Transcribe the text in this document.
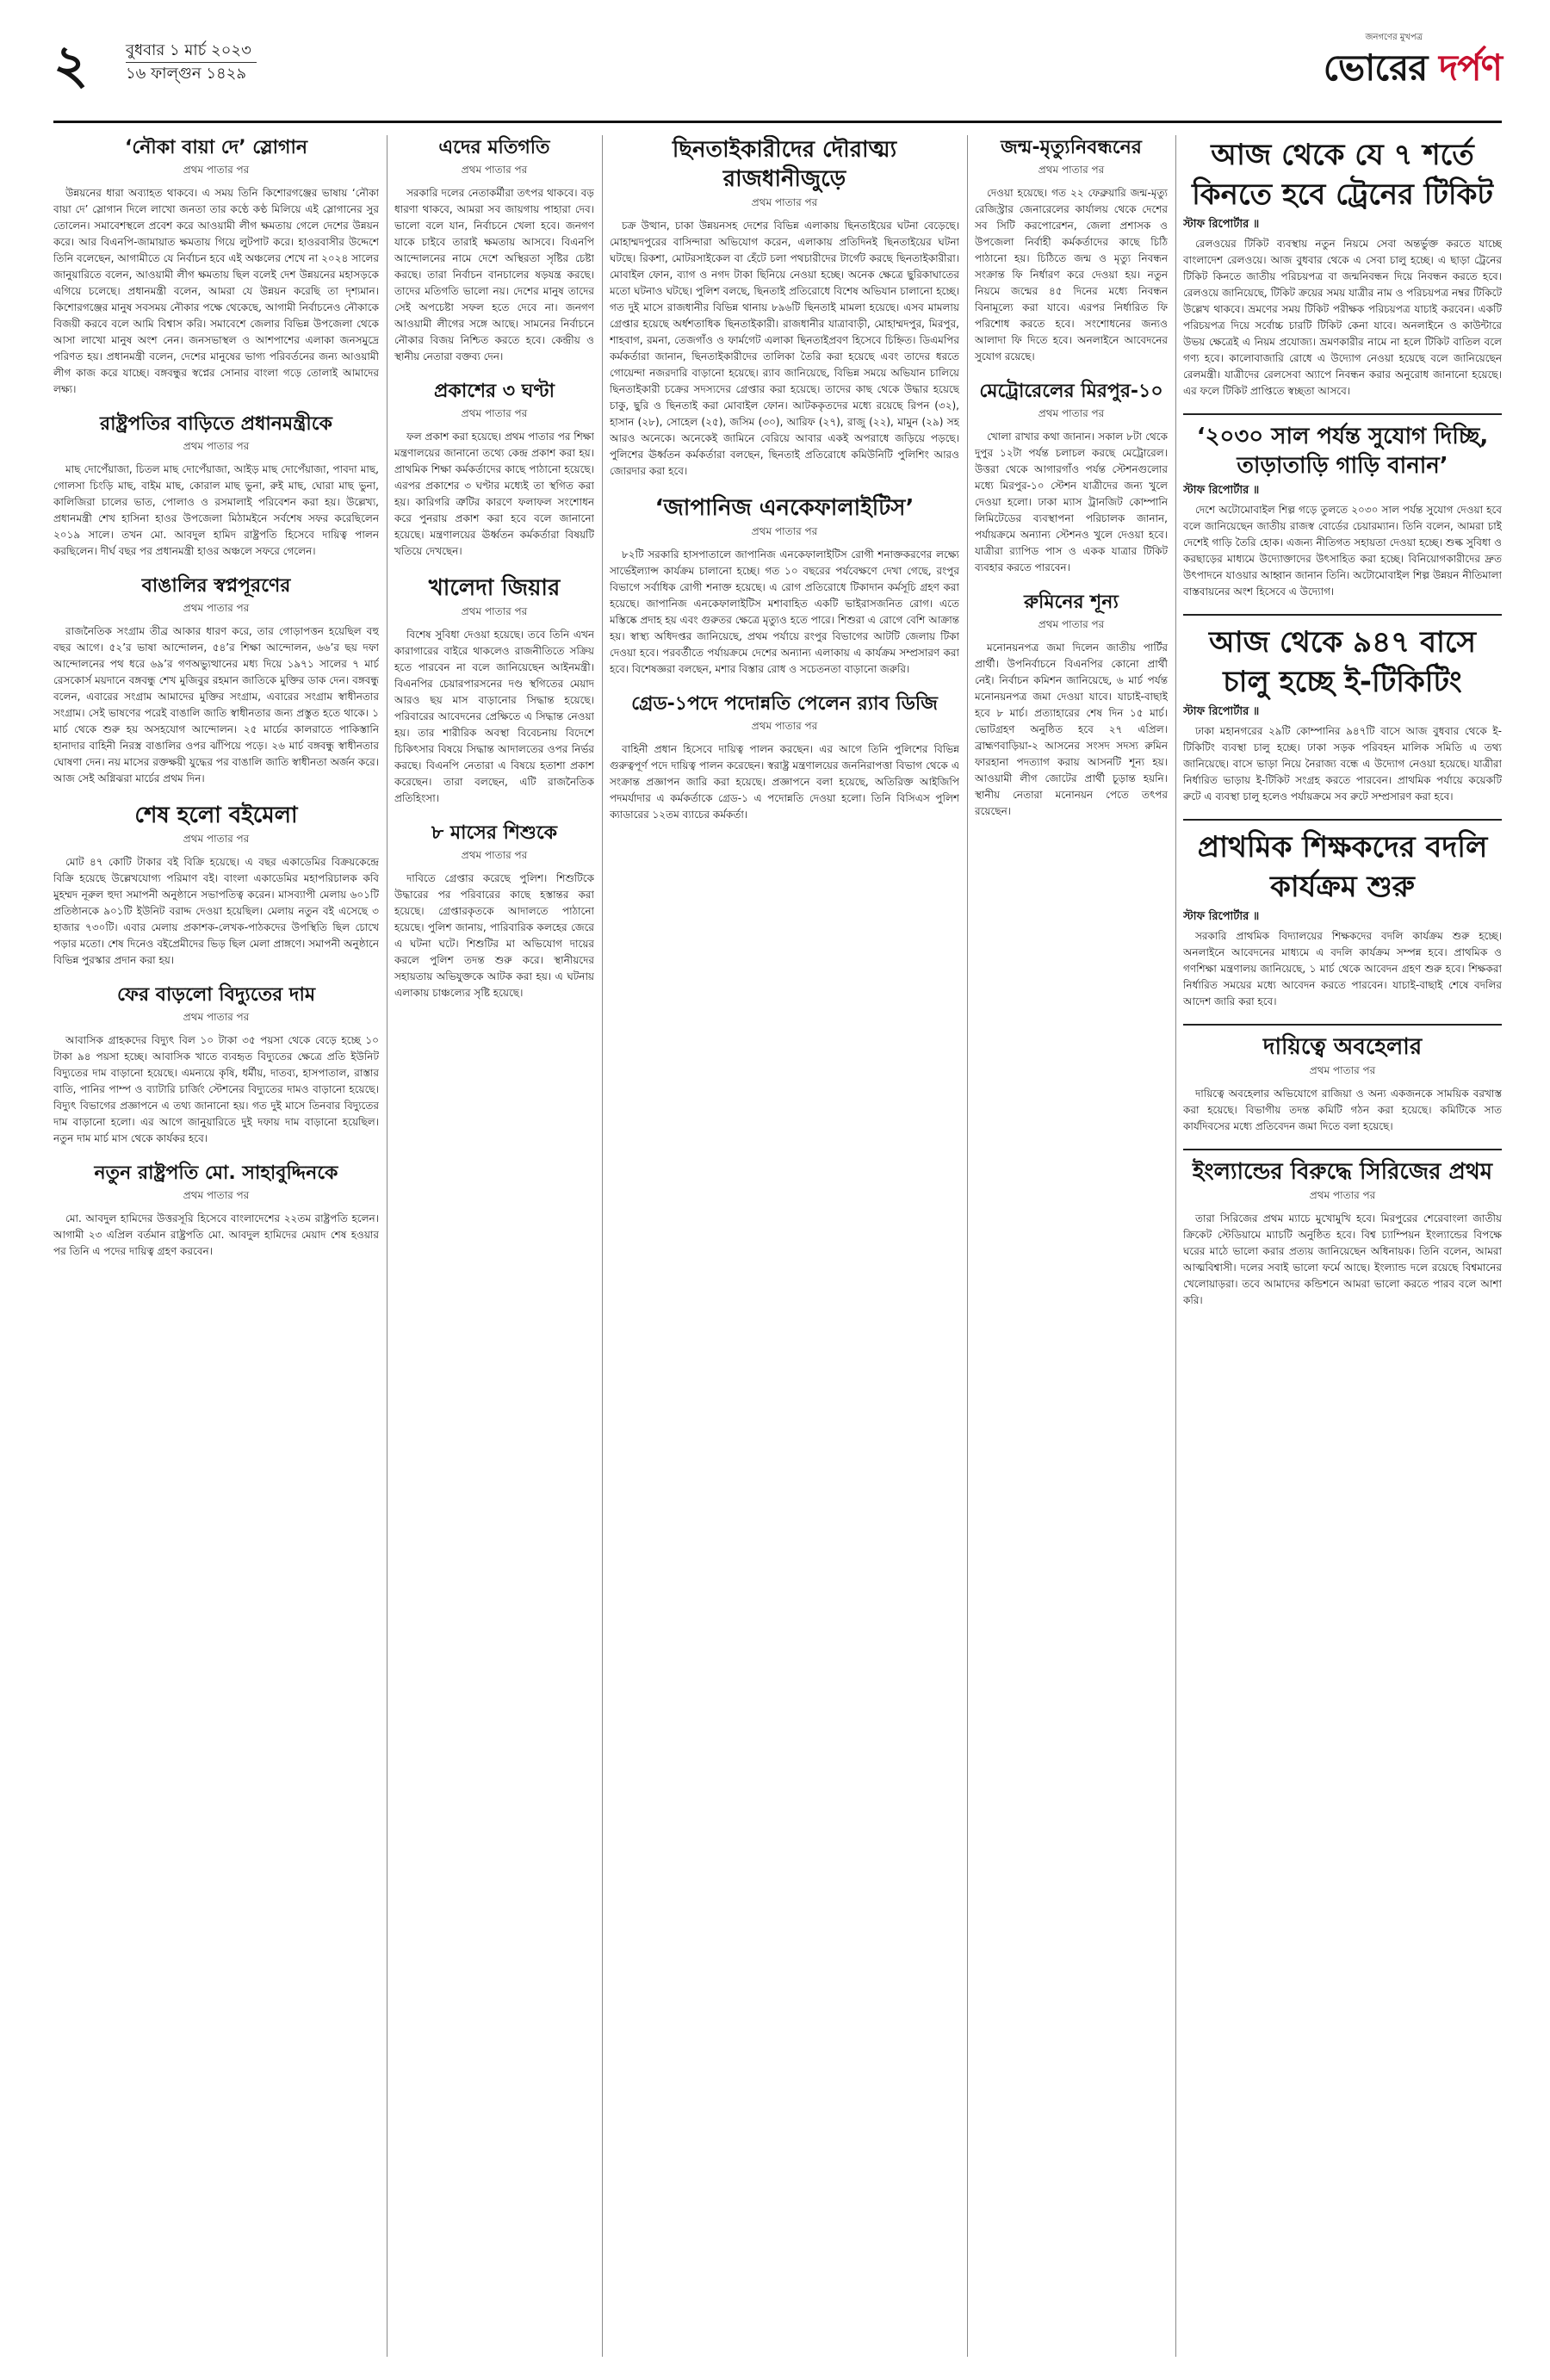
২	বুধবার ১ মার্চ ২০২৩
১৬ ফাল্গুন ১৪২৯
জনগণের মুখপত্র
ভোরের দর্পণ
‘নৌকা বায়া দে’ স্লোগান
প্রথম পাতার পর

উন্নয়নের ধারা অব্যাহত থাকবে। এ সময় তিনি কিশোরগঞ্জের ভাষায় ‘নৌকা বায়া দে’ স্লোগান দিলে লাখো জনতা তার কণ্ঠে কণ্ঠ মিলিয়ে এই স্লোগানের সুর তোলেন। সমাবেশস্থলে প্রবেশ করে আওয়ামী লীগ ক্ষমতায় গেলে দেশের উন্নয়ন করে। আর বিএনপি-জামায়াত ক্ষমতায় গিয়ে লুটপাট করে। হাওরবাসীর উদ্দেশে তিনি বলেছেন, আগামীতে যে নির্বাচন হবে এই অঞ্চলের শেখে না ২০২৪ সালের জানুয়ারিতে বলেন, আওয়ামী লীগ ক্ষমতায় ছিল বলেই দেশ উন্নয়নের মহাসড়কে এগিয়ে চলেছে। প্রধানমন্ত্রী বলেন, আমরা যে উন্নয়ন করেছি তা দৃশ্যমান। কিশোরগঞ্জের মানুষ সবসময় নৌকার পক্ষে থেকেছে, আগামী নির্বাচনেও নৌকাকে বিজয়ী করবে বলে আমি বিশ্বাস করি। সমাবেশে জেলার বিভিন্ন উপজেলা থেকে আসা লাখো মানুষ অংশ নেন। জনসভাস্থল ও আশপাশের এলাকা জনসমুদ্রে পরিণত হয়। প্রধানমন্ত্রী বলেন, দেশের মানুষের ভাগ্য পরিবর্তনের জন্য আওয়ামী লীগ কাজ করে যাচ্ছে। বঙ্গবন্ধুর স্বপ্নের সোনার বাংলা গড়ে তোলাই আমাদের লক্ষ্য।

রাষ্ট্রপতির বাড়িতে প্রধানমন্ত্রীকে
প্রথম পাতার পর

মাছ দোপেঁয়াজা, চিতল মাছ দোপেঁয়াজা, আইড় মাছ দোপেঁয়াজা, পাবদা মাছ, গোলসা চিংড়ি মাছ, বাইম মাছ, কোরাল মাছ ভুনা, রুই মাছ, ঘোরা মাছ ভুনা, কালিজিরা চালের ভাত, পোলাও ও রসমালাই পরিবেশন করা হয়। উল্লেখ্য, প্রধানমন্ত্রী শেখ হাসিনা হাওর উপজেলা মিঠামইনে সর্বশেষ সফর করেছিলেন ২০১৯ সালে। তখন মো. আবদুল হামিদ রাষ্ট্রপতি হিসেবে দায়িত্ব পালন করছিলেন। দীর্ঘ বছর পর প্রধানমন্ত্রী হাওর অঞ্চলে সফরে গেলেন।

বাঙালির স্বপ্নপূরণের
প্রথম পাতার পর

রাজনৈতিক সংগ্রাম তীব্র আকার ধারণ করে, তার গোড়াপত্তন হয়েছিল বহু বছর আগে। ৫২’র ভাষা আন্দোলন, ৫৪’র শিক্ষা আন্দোলন, ৬৬’র ছয় দফা আন্দোলনের পথ ধরে ৬৯’র গণঅভ্যুত্থানের মধ্য দিয়ে ১৯৭১ সালের ৭ মার্চ রেসকোর্স ময়দানে বঙ্গবন্ধু শেখ মুজিবুর রহমান জাতিকে মুক্তির ডাক দেন। বঙ্গবন্ধু বলেন, এবারের সংগ্রাম আমাদের মুক্তির সংগ্রাম, এবারের সংগ্রাম স্বাধীনতার সংগ্রাম। সেই ভাষণের পরেই বাঙালি জাতি স্বাধীনতার জন্য প্রস্তুত হতে থাকে। ১ মার্চ থেকে শুরু হয় অসহযোগ আন্দোলন। ২৫ মার্চের কালরাতে পাকিস্তানি হানাদার বাহিনী নিরস্ত্র বাঙালির ওপর ঝাঁপিয়ে পড়ে। ২৬ মার্চ বঙ্গবন্ধু স্বাধীনতার ঘোষণা দেন। নয় মাসের রক্তক্ষয়ী যুদ্ধের পর বাঙালি জাতি স্বাধীনতা অর্জন করে। আজ সেই অগ্নিঝরা মার্চের প্রথম দিন।

শেষ হলো বইমেলা
প্রথম পাতার পর

মোট ৪৭ কোটি টাকার বই বিক্রি হয়েছে। এ বছর একাডেমির বিক্রয়কেন্দ্রে বিক্রি হয়েছে উল্লেখযোগ্য পরিমাণ বই। বাংলা একাডেমির মহাপরিচালক কবি মুহম্মদ নূরুল হুদা সমাপনী অনুষ্ঠানে সভাপতিত্ব করেন। মাসব্যাপী মেলায় ৬০১টি প্রতিষ্ঠানকে ৯০১টি ইউনিট বরাদ্দ দেওয়া হয়েছিল। মেলায় নতুন বই এসেছে ৩ হাজার ৭৩০টি। এবার মেলায় প্রকাশক-লেখক-পাঠকদের উপস্থিতি ছিল চোখে পড়ার মতো। শেষ দিনেও বইপ্রেমীদের ভিড় ছিল মেলা প্রাঙ্গণে। সমাপনী অনুষ্ঠানে বিভিন্ন পুরস্কার প্রদান করা হয়।

ফের বাড়লো বিদ্যুতের দাম
প্রথম পাতার পর

আবাসিক গ্রাহকদের বিদ্যুৎ বিল ১০ টাকা ৩৫ পয়সা থেকে বেড়ে হচ্ছে ১০ টাকা ৯৪ পয়সা হচ্ছে। আবাসিক খাতে ব্যবহৃত বিদ্যুতের ক্ষেত্রে প্রতি ইউনিট বিদ্যুতের দাম বাড়ানো হয়েছে। এমন্যয়ে কৃষি, ধর্মীয়, দাতব্য, হাসপাতাল, রাস্তার বাতি, পানির পাম্প ও ব্যাটারি চার্জিং স্টেশনের বিদ্যুতের দামও বাড়ানো হয়েছে। বিদ্যুৎ বিভাগের প্রজ্ঞাপনে এ তথ্য জানানো হয়। গত দুই মাসে তিনবার বিদ্যুতের দাম বাড়ানো হলো। এর আগে জানুয়ারিতে দুই দফায় দাম বাড়ানো হয়েছিল। নতুন দাম মার্চ মাস থেকে কার্যকর হবে।

নতুন রাষ্ট্রপতি মো. সাহাবুদ্দিনকে
প্রথম পাতার পর

মো. আবদুল হামিদের উত্তরসূরি হিসেবে বাংলাদেশের ২২তম রাষ্ট্রপতি হলেন। আগামী ২৩ এপ্রিল বর্তমান রাষ্ট্রপতি মো. আবদুল হামিদের মেয়াদ শেষ হওয়ার পর তিনি এ পদের দায়িত্ব গ্রহণ করবেন।

এদের মতিগতি
প্রথম পাতার পর

সরকারি দলের নেতাকর্মীরা তৎপর থাকবে। বড় ধারণা থাকবে, আমরা সব জায়গায় পাহারা দেব। ভালো বলে যান, নির্বাচনে খেলা হবে। জনগণ যাকে চাইবে তারাই ক্ষমতায় আসবে। বিএনপি আন্দোলনের নামে দেশে অস্থিরতা সৃষ্টির চেষ্টা করছে। তারা নির্বাচন বানচালের ষড়যন্ত্র করছে। তাদের মতিগতি ভালো নয়। দেশের মানুষ তাদের সেই অপচেষ্টা সফল হতে দেবে না। জনগণ আওয়ামী লীগের সঙ্গে আছে। সামনের নির্বাচনে নৌকার বিজয় নিশ্চিত করতে হবে। কেন্দ্রীয় ও স্থানীয় নেতারা বক্তব্য দেন।

প্রকাশের ৩ ঘণ্টা
প্রথম পাতার পর

ফল প্রকাশ করা হয়েছে। প্রথম পাতার পর শিক্ষা মন্ত্রণালয়ের জানানো তথ্যে কেন্দ্র প্রকাশ করা হয়। প্রাথমিক শিক্ষা কর্মকর্তাদের কাছে পাঠানো হয়েছে। এরপর প্রকাশের ৩ ঘণ্টার মধ্যেই তা স্থগিত করা হয়। কারিগরি ত্রুটির কারণে ফলাফল সংশোধন করে পুনরায় প্রকাশ করা হবে বলে জানানো হয়েছে। মন্ত্রণালয়ের ঊর্ধ্বতন কর্মকর্তারা বিষয়টি খতিয়ে দেখছেন।

খালেদা জিয়ার
প্রথম পাতার পর

বিশেষ সুবিধা দেওয়া হয়েছে। তবে তিনি এখন কারাগারের বাইরে থাকলেও রাজনীতিতে সক্রিয় হতে পারবেন না বলে জানিয়েছেন আইনমন্ত্রী। বিএনপির চেয়ারপারসনের দণ্ড স্থগিতের মেয়াদ আরও ছয় মাস বাড়ানোর সিদ্ধান্ত হয়েছে। পরিবারের আবেদনের প্রেক্ষিতে এ সিদ্ধান্ত নেওয়া হয়। তার শারীরিক অবস্থা বিবেচনায় বিদেশে চিকিৎসার বিষয়ে সিদ্ধান্ত আদালতের ওপর নির্ভর করছে। বিএনপি নেতারা এ বিষয়ে হতাশা প্রকাশ করেছেন। তারা বলছেন, এটি রাজনৈতিক প্রতিহিংসা।

৮ মাসের শিশুকে
প্রথম পাতার পর

দাবিতে গ্রেপ্তার করেছে পুলিশ। শিশুটিকে উদ্ধারের পর পরিবারের কাছে হস্তান্তর করা হয়েছে। গ্রেপ্তারকৃতকে আদালতে পাঠানো হয়েছে। পুলিশ জানায়, পারিবারিক কলহের জেরে এ ঘটনা ঘটে। শিশুটির মা অভিযোগ দায়ের করলে পুলিশ তদন্ত শুরু করে। স্থানীয়দের সহায়তায় অভিযুক্তকে আটক করা হয়। এ ঘটনায় এলাকায় চাঞ্চল্যের সৃষ্টি হয়েছে।

ছিনতাইকারীদের দৌরাত্ম্য রাজধানীজুড়ে
প্রথম পাতার পর

চক্র উত্থান, চাকা উন্নয়নসহ দেশের বিভিন্ন এলাকায় ছিনতাইয়ের ঘটনা বেড়েছে। মোহাম্মদপুরের বাসিন্দারা অভিযোগ করেন, এলাকায় প্রতিদিনই ছিনতাইয়ের ঘটনা ঘটছে। রিকশা, মোটরসাইকেল বা হেঁটে চলা পথচারীদের টার্গেট করছে ছিনতাইকারীরা। মোবাইল ফোন, ব্যাগ ও নগদ টাকা ছিনিয়ে নেওয়া হচ্ছে। অনেক ক্ষেত্রে ছুরিকাঘাতের মতো ঘটনাও ঘটছে। পুলিশ বলছে, ছিনতাই প্রতিরোধে বিশেষ অভিযান চালানো হচ্ছে। গত দুই মাসে রাজধানীর বিভিন্ন থানায় ৮৯৬টি ছিনতাই মামলা হয়েছে। এসব মামলায় গ্রেপ্তার হয়েছে অর্ধশতাধিক ছিনতাইকারী। রাজধানীর যাত্রাবাড়ী, মোহাম্মদপুর, মিরপুর, শাহবাগ, রমনা, তেজগাঁও ও ফার্মগেট এলাকা ছিনতাইপ্রবণ হিসেবে চিহ্নিত। ডিএমপির কর্মকর্তারা জানান, ছিনতাইকারীদের তালিকা তৈরি করা হয়েছে এবং তাদের ধরতে গোয়েন্দা নজরদারি বাড়ানো হয়েছে। র‌্যাব জানিয়েছে, বিভিন্ন সময়ে অভিযান চালিয়ে ছিনতাইকারী চক্রের সদস্যদের গ্রেপ্তার করা হয়েছে। তাদের কাছ থেকে উদ্ধার হয়েছে চাকু, ছুরি ও ছিনতাই করা মোবাইল ফোন। আটককৃতদের মধ্যে রয়েছে রিপন (৩২), হাসান (২৮), সোহেল (২৫), জসিম (৩০), আরিফ (২৭), রাজু (২২), মামুন (২৯) সহ আরও অনেকে। অনেকেই জামিনে বেরিয়ে আবার একই অপরাধে জড়িয়ে পড়ছে। পুলিশের ঊর্ধ্বতন কর্মকর্তারা বলছেন, ছিনতাই প্রতিরোধে কমিউনিটি পুলিশিং আরও জোরদার করা হবে।

‘জাপানিজ এনকেফালাইটিস’
প্রথম পাতার পর

৮২টি সরকারি হাসপাতালে জাপানিজ এনকেফালাইটিস রোগী শনাক্তকরণের লক্ষ্যে সার্ভেইল্যান্স কার্যক্রম চালানো হচ্ছে। গত ১০ বছরের পর্যবেক্ষণে দেখা গেছে, রংপুর বিভাগে সর্বাধিক রোগী শনাক্ত হয়েছে। এ রোগ প্রতিরোধে টিকাদান কর্মসূচি গ্রহণ করা হয়েছে। জাপানিজ এনকেফালাইটিস মশাবাহিত একটি ভাইরাসজনিত রোগ। এতে মস্তিষ্কে প্রদাহ হয় এবং গুরুতর ক্ষেত্রে মৃত্যুও হতে পারে। শিশুরা এ রোগে বেশি আক্রান্ত হয়। স্বাস্থ্য অধিদপ্তর জানিয়েছে, প্রথম পর্যায়ে রংপুর বিভাগের আটটি জেলায় টিকা দেওয়া হবে। পরবর্তীতে পর্যায়ক্রমে দেশের অন্যান্য এলাকায় এ কার্যক্রম সম্প্রসারণ করা হবে। বিশেষজ্ঞরা বলছেন, মশার বিস্তার রোধ ও সচেতনতা বাড়ানো জরুরি।

গ্রেড-১পদে পদোন্নতি পেলেন র‌্যাব ডিজি
প্রথম পাতার পর

বাহিনী প্রধান হিসেবে দায়িত্ব পালন করছেন। এর আগে তিনি পুলিশের বিভিন্ন গুরুত্বপূর্ণ পদে দায়িত্ব পালন করেছেন। স্বরাষ্ট্র মন্ত্রণালয়ের জননিরাপত্তা বিভাগ থেকে এ সংক্রান্ত প্রজ্ঞাপন জারি করা হয়েছে। প্রজ্ঞাপনে বলা হয়েছে, অতিরিক্ত আইজিপি পদমর্যাদার এ কর্মকর্তাকে গ্রেড-১ এ পদোন্নতি দেওয়া হলো। তিনি বিসিএস পুলিশ ক্যাডারের ১২তম ব্যাচের কর্মকর্তা।

জন্ম-মৃত্যুনিবন্ধনের
প্রথম পাতার পর

দেওয়া হয়েছে। গত ২২ ফেব্রুয়ারি জন্ম-মৃত্যু রেজিস্ট্রার জেনারেলের কার্যালয় থেকে দেশের সব সিটি করপোরেশন, জেলা প্রশাসক ও উপজেলা নির্বাহী কর্মকর্তাদের কাছে চিঠি পাঠানো হয়। চিঠিতে জন্ম ও মৃত্যু নিবন্ধন সংক্রান্ত ফি নির্ধারণ করে দেওয়া হয়। নতুন নিয়মে জন্মের ৪৫ দিনের মধ্যে নিবন্ধন বিনামূল্যে করা যাবে। এরপর নির্ধারিত ফি পরিশোধ করতে হবে। সংশোধনের জন্যও আলাদা ফি দিতে হবে। অনলাইনে আবেদনের সুযোগ রয়েছে।

মেট্রোরেলের মিরপুর-১০
প্রথম পাতার পর

খোলা রাখার কথা জানান। সকাল ৮টা থেকে দুপুর ১২টা পর্যন্ত চলাচল করছে মেট্রোরেল। উত্তরা থেকে আগারগাঁও পর্যন্ত স্টেশনগুলোর মধ্যে মিরপুর-১০ স্টেশন যাত্রীদের জন্য খুলে দেওয়া হলো। ঢাকা ম্যাস ট্রানজিট কোম্পানি লিমিটেডের ব্যবস্থাপনা পরিচালক জানান, পর্যায়ক্রমে অন্যান্য স্টেশনও খুলে দেওয়া হবে। যাত্রীরা র‌্যাপিড পাস ও একক যাত্রার টিকিট ব্যবহার করতে পারবেন।

রুমিনের শূন্য
প্রথম পাতার পর

মনোনয়নপত্র জমা দিলেন জাতীয় পার্টির প্রার্থী। উপনির্বাচনে বিএনপির কোনো প্রার্থী নেই। নির্বাচন কমিশন জানিয়েছে, ৬ মার্চ পর্যন্ত মনোনয়নপত্র জমা দেওয়া যাবে। যাচাই-বাছাই হবে ৮ মার্চ। প্রত্যাহারের শেষ দিন ১৫ মার্চ। ভোটগ্রহণ অনুষ্ঠিত হবে ২৭ এপ্রিল। ব্রাহ্মণবাড়িয়া-২ আসনের সংসদ সদস্য রুমিন ফারহানা পদত্যাগ করায় আসনটি শূন্য হয়। আওয়ামী লীগ জোটের প্রার্থী চূড়ান্ত হয়নি। স্থানীয় নেতারা মনোনয়ন পেতে তৎপর রয়েছেন।

আজ থেকে যে ৭ শর্তে কিনতে হবে ট্রেনের টিকিট
স্টাফ রিপোর্টার ॥

রেলওয়ের টিকিট ব্যবস্থায় নতুন নিয়মে সেবা অন্তর্ভুক্ত করতে যাচ্ছে বাংলাদেশ রেলওয়ে। আজ বুধবার থেকে এ সেবা চালু হচ্ছে। এ ছাড়া ট্রেনের টিকিট কিনতে জাতীয় পরিচয়পত্র বা জন্মনিবন্ধন দিয়ে নিবন্ধন করতে হবে। রেলওয়ে জানিয়েছে, টিকিট ক্রয়ের সময় যাত্রীর নাম ও পরিচয়পত্র নম্বর টিকিটে উল্লেখ থাকবে। ভ্রমণের সময় টিকিট পরীক্ষক পরিচয়পত্র যাচাই করবেন। একটি পরিচয়পত্র দিয়ে সর্বোচ্চ চারটি টিকিট কেনা যাবে। অনলাইনে ও কাউন্টারে উভয় ক্ষেত্রেই এ নিয়ম প্রযোজ্য। ভ্রমণকারীর নামে না হলে টিকিট বাতিল বলে গণ্য হবে। কালোবাজারি রোধে এ উদ্যোগ নেওয়া হয়েছে বলে জানিয়েছেন রেলমন্ত্রী। যাত্রীদের রেলসেবা অ্যাপে নিবন্ধন করার অনুরোধ জানানো হয়েছে। এর ফলে টিকিট প্রাপ্তিতে স্বচ্ছতা আসবে।

‘২০৩০ সাল পর্যন্ত সুযোগ দিচ্ছি, তাড়াতাড়ি গাড়ি বানান’
স্টাফ রিপোর্টার ॥

দেশে অটোমোবাইল শিল্প গড়ে তুলতে ২০৩০ সাল পর্যন্ত সুযোগ দেওয়া হবে বলে জানিয়েছেন জাতীয় রাজস্ব বোর্ডের চেয়ারম্যান। তিনি বলেন, আমরা চাই দেশেই গাড়ি তৈরি হোক। এজন্য নীতিগত সহায়তা দেওয়া হচ্ছে। শুল্ক সুবিধা ও করছাড়ের মাধ্যমে উদ্যোক্তাদের উৎসাহিত করা হচ্ছে। বিনিয়োগকারীদের দ্রুত উৎপাদনে যাওয়ার আহ্বান জানান তিনি। অটোমোবাইল শিল্প উন্নয়ন নীতিমালা বাস্তবায়নের অংশ হিসেবে এ উদ্যোগ।

আজ থেকে ৯৪৭ বাসে চালু হচ্ছে ই-টিকিটিং
স্টাফ রিপোর্টার ॥

ঢাকা মহানগরের ২৯টি কোম্পানির ৯৪৭টি বাসে আজ বুধবার থেকে ই-টিকিটিং ব্যবস্থা চালু হচ্ছে। ঢাকা সড়ক পরিবহন মালিক সমিতি এ তথ্য জানিয়েছে। বাসে ভাড়া নিয়ে নৈরাজ্য বন্ধে এ উদ্যোগ নেওয়া হয়েছে। যাত্রীরা নির্ধারিত ভাড়ায় ই-টিকিট সংগ্রহ করতে পারবেন। প্রাথমিক পর্যায়ে কয়েকটি রুটে এ ব্যবস্থা চালু হলেও পর্যায়ক্রমে সব রুটে সম্প্রসারণ করা হবে।

প্রাথমিক শিক্ষকদের বদলি কার্যক্রম শুরু
স্টাফ রিপোর্টার ॥

সরকারি প্রাথমিক বিদ্যালয়ের শিক্ষকদের বদলি কার্যক্রম শুরু হচ্ছে। অনলাইনে আবেদনের মাধ্যমে এ বদলি কার্যক্রম সম্পন্ন হবে। প্রাথমিক ও গণশিক্ষা মন্ত্রণালয় জানিয়েছে, ১ মার্চ থেকে আবেদন গ্রহণ শুরু হবে। শিক্ষকরা নির্ধারিত সময়ের মধ্যে আবেদন করতে পারবেন। যাচাই-বাছাই শেষে বদলির আদেশ জারি করা হবে।

দায়িত্বে অবহেলার
প্রথম পাতার পর

দায়িত্বে অবহেলার অভিযোগে রাজিয়া ও অন্য একজনকে সাময়িক বরখাস্ত করা হয়েছে। বিভাগীয় তদন্ত কমিটি গঠন করা হয়েছে। কমিটিকে সাত কার্যদিবসের মধ্যে প্রতিবেদন জমা দিতে বলা হয়েছে।

ইংল্যান্ডের বিরুদ্ধে সিরিজের প্রথম
প্রথম পাতার পর

তারা সিরিজের প্রথম ম্যাচে মুখোমুখি হবে। মিরপুরের শেরেবাংলা জাতীয় ক্রিকেট স্টেডিয়ামে ম্যাচটি অনুষ্ঠিত হবে। বিশ্ব চ্যাম্পিয়ন ইংল্যান্ডের বিপক্ষে ঘরের মাঠে ভালো করার প্রত্যয় জানিয়েছেন অধিনায়ক। তিনি বলেন, আমরা আত্মবিশ্বাসী। দলের সবাই ভালো ফর্মে আছে। ইংল্যান্ড দলে রয়েছে বিশ্বমানের খেলোয়াড়রা। তবে আমাদের কন্ডিশনে আমরা ভালো করতে পারব বলে আশা করি।
